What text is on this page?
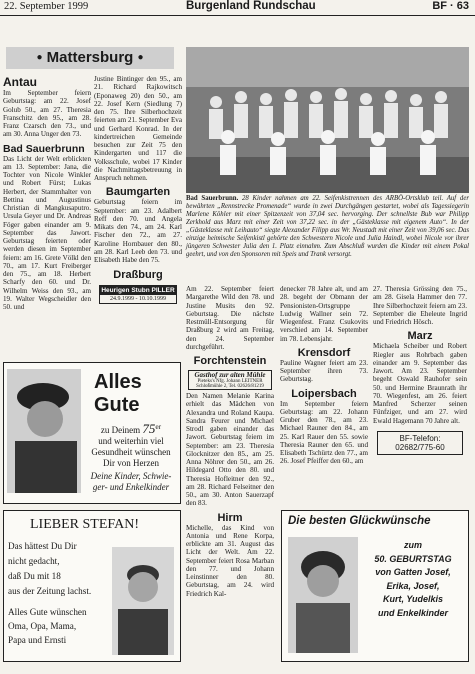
22. September 1999	Burgenland Rundschau	BF · 63
● Mattersburg ●
Antau
Im September feiern Geburtstag: am 22. Josef Golub 50., am 27. Theresia Franschitz den 95., am 28. Franz Czarsch den 73., und am 30. Anna Unger den 73.
Bad Sauerbrunn
Das Licht der Welt erblickten am 13. September: Jana, die Tochter von Nicole Winkler und Robert Fürst; Lukas Herbert, der Stammhalter von Bettina und Augustinus Christian di Mangkusaputro. Ursula Geyer und Dr. Andreas Föger gaben einander am 9. September das Jawort. Geburtstag feierten oder werden diesen im September feiern: am 16. Grete Völkl den 70., am 17. Kurt Freiberger den 75., am 18. Herbert Scharfy den 60. und Dr. Wilhelm Weiss den 93., am 19. Walter Wegscheidler den 50. und
Justine Bintinger den 95., am 21. Richard Rajkowitsch (Eponaweg 20) den 50., am 22. Josef Kern (Siedlung 7) den 75. Ihre Silberhochzeit feierten am 21. September Eva und Gerhard Konrad. In der kindertreichen Gemeinde besuchen zur Zeit 75 den Kindergarten und 117 die Volksschule, wobei 17 Kinder die Nachmittagsbetreuung in Anspruch nehmen.
Baumgarten
Geburtstag feiern im September: am 23. Adalbert Reff den 70. und Angela Mikats den 74., am 24. Karl Fischer den 72., am 27. Karoline Hornbauer den 80., am 28. Karl Leeb den 73. und Elisabeth Habe den 75.
Draßburg
Heurigen Stubn PILLER
24.9.1999 - 10.10.1999
Bad Sauerbrunn. 28 Kinder nahmen am 22. Seifenkistrennen des ARBÖ-Ortsklub teil. Auf der bewährten „Rennstrecke Promenade“ wurde in zwei Durchgängen gestartet, wobei als Tagessiegerin Marlene Köhler mit einer Spitzenzeit von 37,04 sec. hervorging. Der schnellste Bub war Philipp Zerkhold aus Marz mit einer Zeit von 37,22 sec. in der „Gästeklasse mit eigenem Auto“. In der „Gästeklasse mit Leihauto“ siegte Alexander Filipp aus Wr. Neustadt mit einer Zeit von 39,06 sec. Das einzige heimische Seifenkistl gehörte den Schwestern Nicole und Julia Haindl, wobei Nicole vor ihrer jüngeren Schwester Julia den 1. Platz einnahm. Zum Abschluß wurden die Kinder mit einem Pokal geehrt, und von den Sponsoren mit Speis und Trank versorgt.
Am 22. September feiert Margarethe Wild den 78. und Justine Musits den 92. Geburtstag. Die nächste Restmüll-Entsorgung für Draßburg 2 wird am Freitag, den 24. September durchgeführt.
Forchtenstein
Gasthof zur alten Mühle
Pieteks's Nfg. Johann LEITNER
Schloßmühle 2, Tel. 02626/81219
Den Namen Melanie Karina erhielt das Mädchen von Alexandra und Roland Kaupa. Sandra Feurer und Michael Strodl gaben einander das Jawort. Geburtstag feiern im September: am 23. Theresia Glocknitzer den 85., am 25. Anna Nöhrer den 50., am 26. Hildegard Otto den 80. und Theresia Hofleitner den 92., am 28. Richard Felseitner den 50., am 30. Anton Sauerzapf den 83.
Hirm
Michelle, das Kind von Antonia und Rene Korpa, erblickte am 31. August das Licht der Welt. Am 22. September feiert Rosa Marban den 77. und Johann Leinstinner den 80. Geburtstag, am 24. wird Friedrich Kal-
denecker 78 Jahre alt, und am 28. begeht der Obmann der Pensionisten-Ortsgruppe Ludwig Wallner sein 72. Wiegenfest. Franz Csukovits verschied am 14. September im 78. Lebensjahr.
Krensdorf
Pauline Wagner feiert am 23. September ihren 73. Geburtstag.
Loipersbach
Im September feiern Geburtstag: am 22. Johann Gruber den 78., am 23. Michael Rauner den 84., am 25. Karl Rauer den 55. sowie Theresia Rauner den 65. und Elisabeth Tschürtz den 77., am 26. Josef Pfeiffer den 60., am
27. Theresia Grössing den 75., am 28. Gisela Hammer den 77. Ihre Silberhochzeit feiern am 23. September die Eheleute Ingrid und Friedrich Hösch.
Marz
Michaela Scheiber und Robert Riegler aus Rohrbach gaben einander am 9. September das Jawort. Am 23. September begeht Oswald Rauhofer sein 50. und Hermine Braunrath ihr 70. Wiegenfest, am 26. feiert Manfred Scherzer seinen Fünfziger, und am 27. wird Ewald Hagemann 70 Jahre alt.
BF-Telefon:
02682/775-60
Alles Gute
zu Deinem 75er
und weiterhin viel
Gesundheit wünschen
Dir von Herzen
Deine Kinder, Schwie-
ger- und Enkelkinder
LIEBER STEFAN!
Das hättest Du Dir
nicht gedacht,
daß Du mit 18
aus der Zeitung lachst.
Alles Gute wünschen
Oma, Opa, Mama,
Papa und Ernsti
Die besten Glückwünsche
zum
50. GEBURTSTAG
von Gatten Josef,
Erika, Josef,
Kurt, Yudelkis
und Enkelkinder
